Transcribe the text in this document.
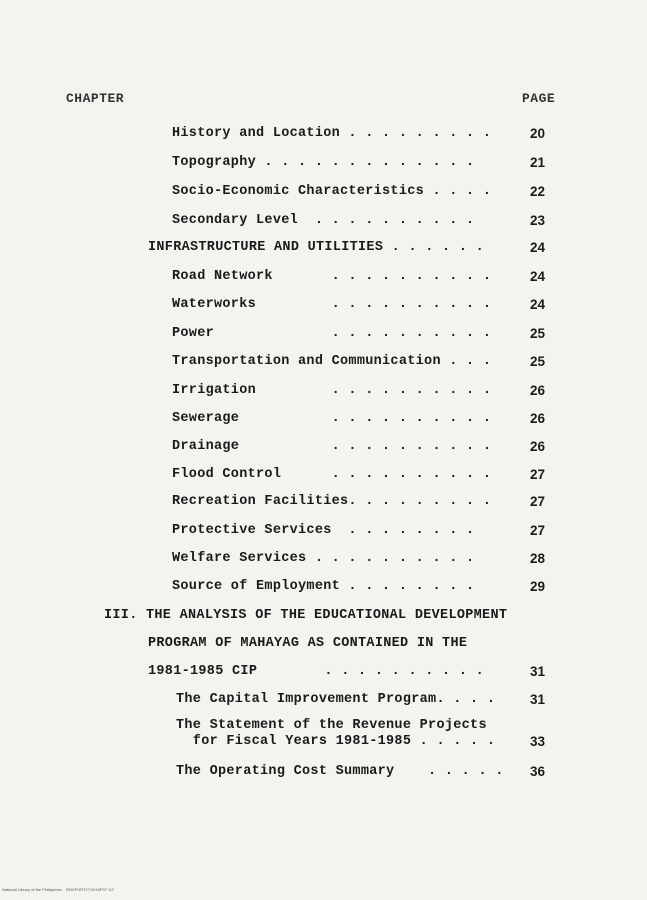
CHAPTER	PAGE
History and Location . . . . . . . . .	20
Topography . . . . . . . . . . . . .	21
Socio-Economic Characteristics . . . .	22
Secondary Level  . . . . . . . . . .	23
INFRASTRUCTURE AND UTILITIES . . . . . .	24
Road Network       . . . . . . . . . .	24
Waterworks         . . . . . . . . . .	24
Power              . . . . . . . . . .	25
Transportation and Communication . . .	25
Irrigation         . . . . . . . . . .	26
Sewerage           . . . . . . . . . .	26
Drainage           . . . . . . . . . .	26
Flood Control      . . . . . . . . . .	27
Recreation Facilities. . . . . . . . .	27
Protective Services  . . . . . . . .	27
Welfare Services . . . . . . . . . .	28
Source of Employment . . . . . . . .	29
III. THE ANALYSIS OF THE EDUCATIONAL DEVELOPMENT
PROGRAM OF MAHAYAG AS CONTAINED IN THE
1981-1985 CIP        . . . . . . . . . .	31
The Capital Improvement Program. . . .	31
The Statement of the Revenue Projects
for Fiscal Years 1981-1985 . . . . .	33
The Operating Cost Summary    . . . . . 36
National Library of the Philippines    ROXFOR7271/016P07 1/2
